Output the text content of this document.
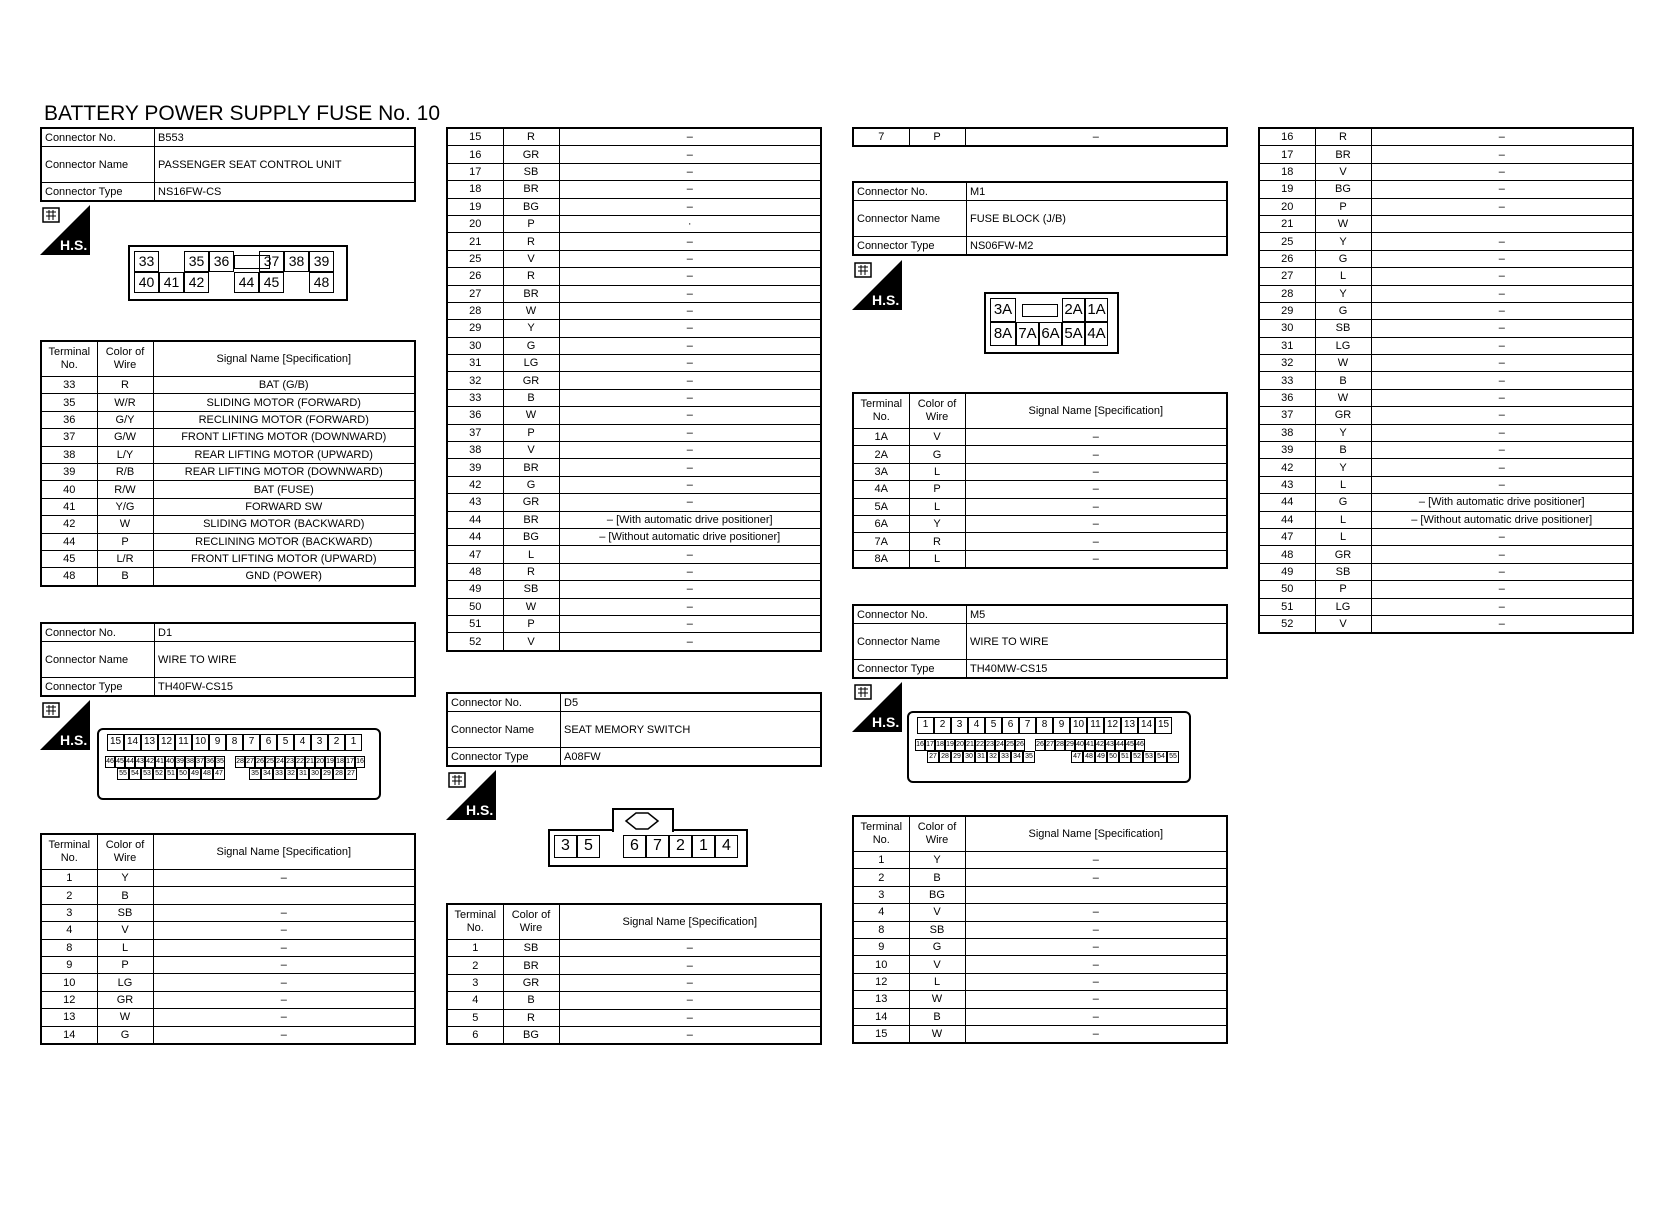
BATTERY POWER SUPPLY FUSE No. 10
Connector No.	B553
Connector Name	PASSENGER SEAT CONTROL UNIT
Connector Type	NS16FW-CS
H.S.
33	35 36	37 38 39
40 41 42	44 45	48
Terminal No.	Color of Wire	Signal Name [Specification]
33	R	BAT (G/B)
35	W/R	SLIDING MOTOR (FORWARD)
36	G/Y	RECLINING MOTOR (FORWARD)
37	G/W	FRONT LIFTING MOTOR (DOWNWARD)
38	L/Y	REAR LIFTING MOTOR (UPWARD)
39	R/B	REAR LIFTING MOTOR (DOWNWARD)
40	R/W	BAT (FUSE)
41	Y/G	FORWARD SW
42	W	SLIDING MOTOR (BACKWARD)
44	P	RECLINING MOTOR (BACKWARD)
45	L/R	FRONT LIFTING MOTOR (UPWARD)
48	B	GND (POWER)
Connector No.	D1
Connector Name	WIRE TO WIRE
Connector Type	TH40FW-CS15
H.S. 15 14 13 12 11 10 9	8	7	6	5	4	3	2	1
46 45 44 43 42 41 40 39 38 37 36 35 28 27 26 25 24 23 22 21 20 19 18 17 16
55 54 53 52 51 50 49 48 47	35 34 33 32 31 30 29 28 27
Terminal No.	Color of Wire	Signal Name [Specification]
1	Y	–
2	B	
3	SB	–
4	V	–
8	L	–
9	P	–
10	LG	–
12	GR	–
13	W	–
14	G	–
15	R	–
16	GR	–
17	SB	–
18	BR	–
19	BG	–
20	P	·
21	R	–
25	V	–
26	R	–
27	BR	–
28	W	–
29	Y	–
30	G	–
31	LG	–
32	GR	–
33	B	–
36	W	–
37	P	–
38	V	–
39	BR	–
42	G	–
43	GR	–
44	BR	– [With automatic drive positioner]
44	BG	– [Without automatic drive positioner]
47	L	–
48	R	–
49	SB	–
50	W	–
51	P	–
52	V	–
Connector No.	D5
Connector Name	SEAT MEMORY SWITCH
Connector Type	A08FW
H.S.
3 5	6 7 2 1 4
Terminal No.	Color of Wire	Signal Name [Specification]
1	SB	–
2	BR	–
3	GR	–
4	B	–
5	R	–
6	BG	–
7	P	–
Connector No.	M1
Connector Name	FUSE BLOCK (J/B)
Connector Type	NS06FW-M2
H.S.
3A	2A 1A
8A 7A 6A 5A 4A
Terminal No.	Color of Wire	Signal Name [Specification]
1A	V	–
2A	G	–
3A	L	–
4A	P	–
5A	L	–
6A	Y	–
7A	R	–
8A	L	–
Connector No.	M5
Connector Name	WIRE TO WIRE
Connector Type	TH40MW-CS15
H.S.	1	2	3	4	5	6	7	8	9 10 11 12 13 14 15
16 17 18 19 20 21 22 23 24 25 26 26 27 28 29 40 41 42 43 44 45 46
27 28 29 30 31 32 33 34 35	47 48 49 50 51 52 53 54 55
Terminal No.	Color of Wire	Signal Name [Specification]
1	Y	–
2	B	–
3	BG	
4	V	–
8	SB	–
9	G	–
10	V	–
12	L	–
13	W	–
14	B	–
15	W	–
16	R	–
17	BR	–
18	V	–
19	BG	–
20	P	–
21	W	
25	Y	–
26	G	–
27	L	–
28	Y	–
29	G	–
30	SB	–
31	LG	–
32	W	–
33	B	–
36	W	–
37	GR	–
38	Y	–
39	B	–
42	Y	–
43	L	–
44	G	– [With automatic drive positioner]
44	L	– [Without automatic drive positioner]
47	L	–
48	GR	–
49	SB	–
50	P	–
51	LG	–
52	V	–
